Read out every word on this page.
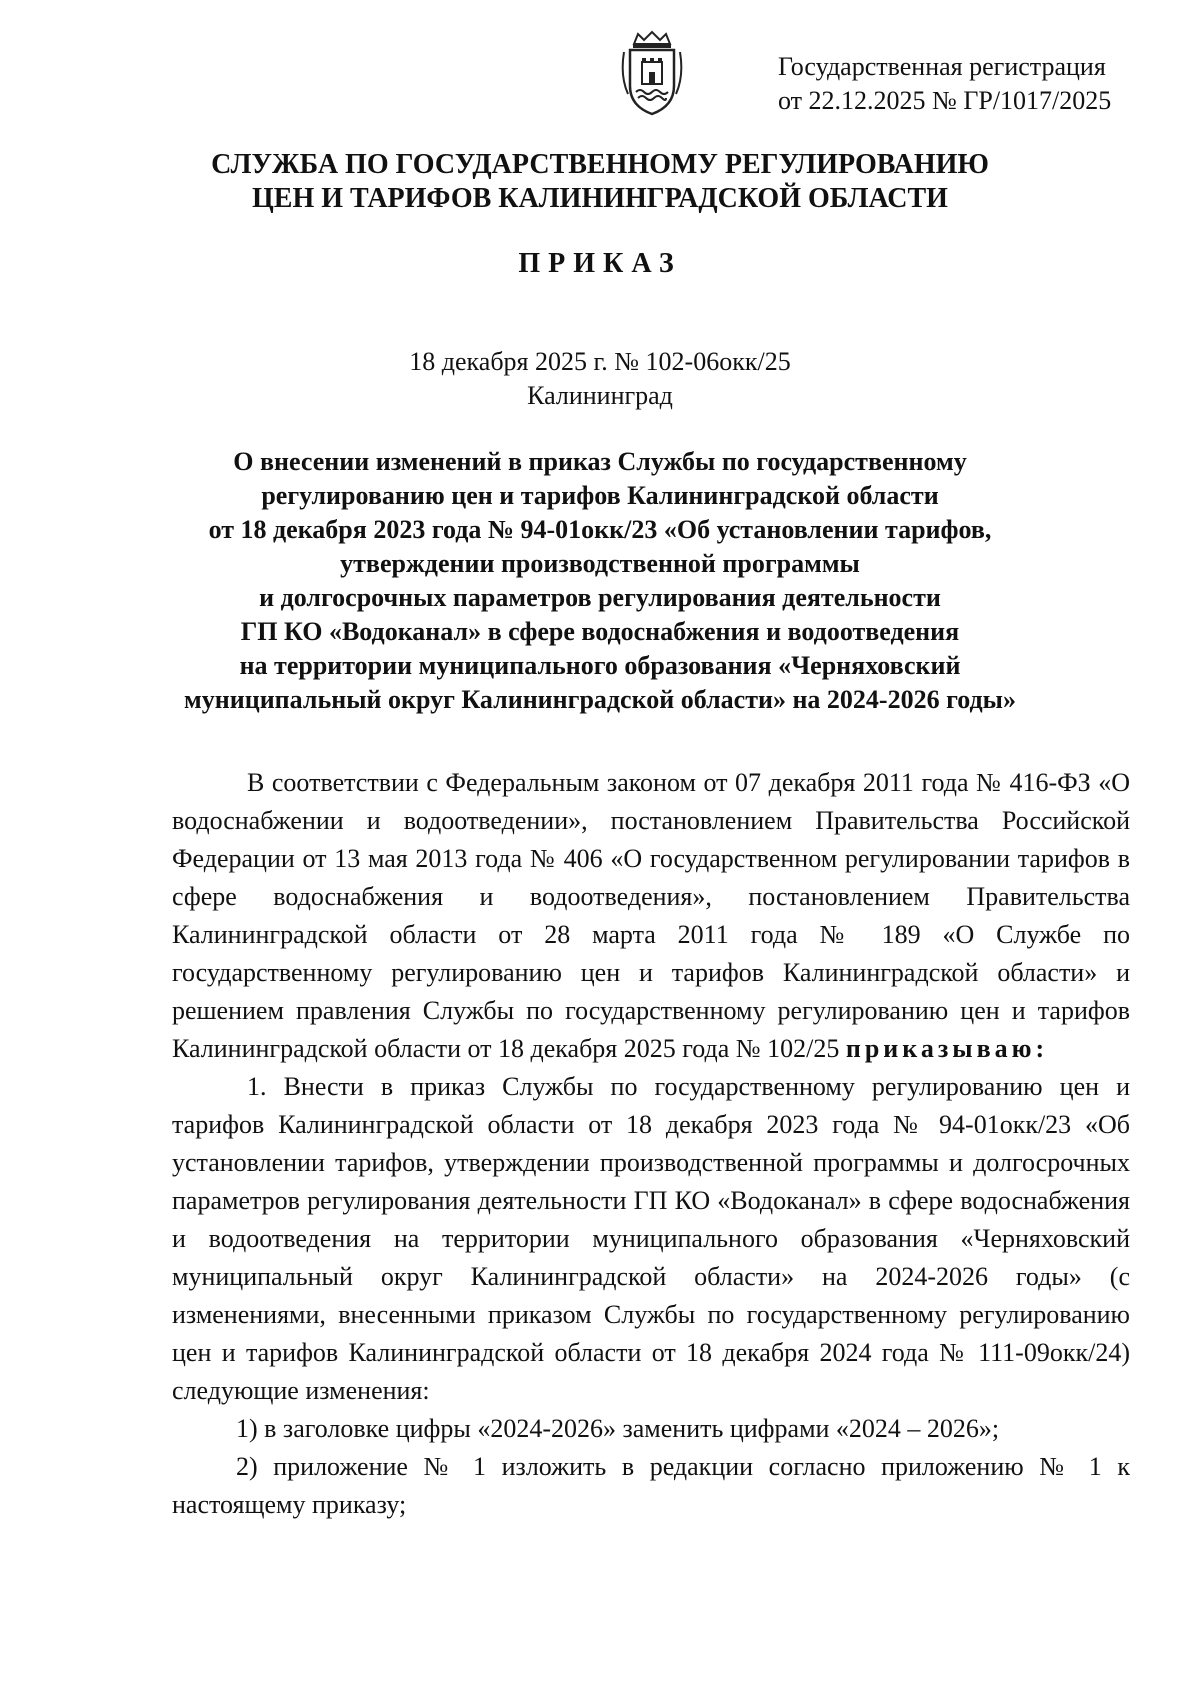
Государственная регистрация
от 22.12.2025 № ГР/1017/2025
СЛУЖБА ПО ГОСУДАРСТВЕННОМУ РЕГУЛИРОВАНИЮ
ЦЕН И ТАРИФОВ КАЛИНИНГРАДСКОЙ ОБЛАСТИ
ПРИКАЗ
18 декабря 2025 г. № 102-06окк/25
Калининград
О внесении изменений в приказ Службы по государственному
регулированию цен и тарифов Калининградской области
от 18 декабря 2023 года № 94-01окк/23 «Об установлении тарифов,
утверждении производственной программы
и долгосрочных параметров регулирования деятельности
ГП КО «Водоканал» в сфере водоснабжения и водоотведения
на территории муниципального образования «Черняховский
муниципальный округ Калининградской области» на 2024-2026 годы»

В соответствии с Федеральным законом от 07 декабря 2011 года № 416-ФЗ «О водоснабжении и водоотведении», постановлением Правительства Российской Федерации от 13 мая 2013 года № 406 «О государственном регулировании тарифов в сфере водоснабжения и водоотведения», постановлением Правительства Калининградской области от 28 марта 2011 года № 189 «О Службе по государственному регулированию цен и тарифов Калининградской области» и решением правления Службы по государственному регулированию цен и тарифов Калининградской области от 18 декабря 2025 года № 102/25 приказываю:

1. Внести в приказ Службы по государственному регулированию цен и тарифов Калининградской области от 18 декабря 2023 года № 94-01окк/23 «Об установлении тарифов, утверждении производственной программы и долгосрочных параметров регулирования деятельности ГП КО «Водоканал» в сфере водоснабжения и водоотведения на территории муниципального образования «Черняховский муниципальный округ Калининградской области» на 2024-2026 годы» (с изменениями, внесенными приказом Службы по государственному регулированию цен и тарифов Калининградской области от 18 декабря 2024 года № 111-09окк/24) следующие изменения:

1) в заголовке цифры «2024-2026» заменить цифрами «2024 – 2026»;

2) приложение № 1 изложить в редакции согласно приложению № 1 к настоящему приказу;
